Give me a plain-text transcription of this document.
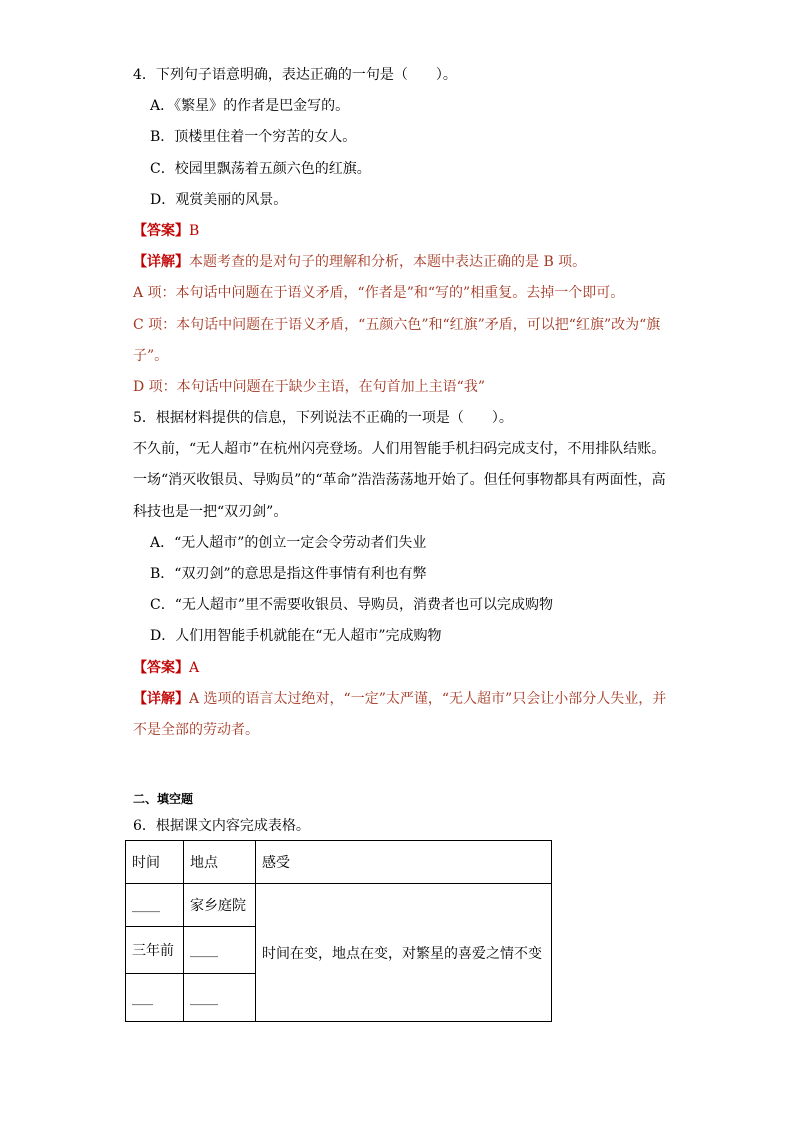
4．下列句子语意明确，表达正确的一句是（　　）。
A．《繁星》的作者是巴金写的。
B．顶楼里住着一个穷苦的女人。
C．校园里飘荡着五颜六色的红旗。
D．观赏美丽的风景。
【答案】B
【详解】本题考查的是对句子的理解和分析，本题中表达正确的是 B 项。
A 项：本句话中问题在于语义矛盾，“作者是”和“写的”相重复。去掉一个即可。
C 项：本句话中问题在于语义矛盾，“五颜六色”和“红旗”矛盾，可以把“红旗”改为“旗
子”。
D 项：本句话中问题在于缺少主语，在句首加上主语“我”
5．根据材料提供的信息，下列说法不正确的一项是（　　）。
不久前，“无人超市”在杭州闪亮登场。人们用智能手机扫码完成支付，不用排队结账。
一场“消灭收银员、导购员”的“革命”浩浩荡荡地开始了。但任何事物都具有两面性，高
科技也是一把“双刃剑”。
A．“无人超市”的创立一定会令劳动者们失业
B．“双刃剑”的意思是指这件事情有利也有弊
C．“无人超市”里不需要收银员、导购员，消费者也可以完成购物
D．人们用智能手机就能在“无人超市”完成购物
【答案】A
【详解】A 选项的语言太过绝对，“一定”太严谨，“无人超市”只会让小部分人失业，并
不是全部的劳动者。
二、填空题
6．根据课文内容完成表格。
时间	地点	感受
____	家乡庭院	时间在变，地点在变，对繁星的喜爱之情不变
三年前	____	
___	____	
